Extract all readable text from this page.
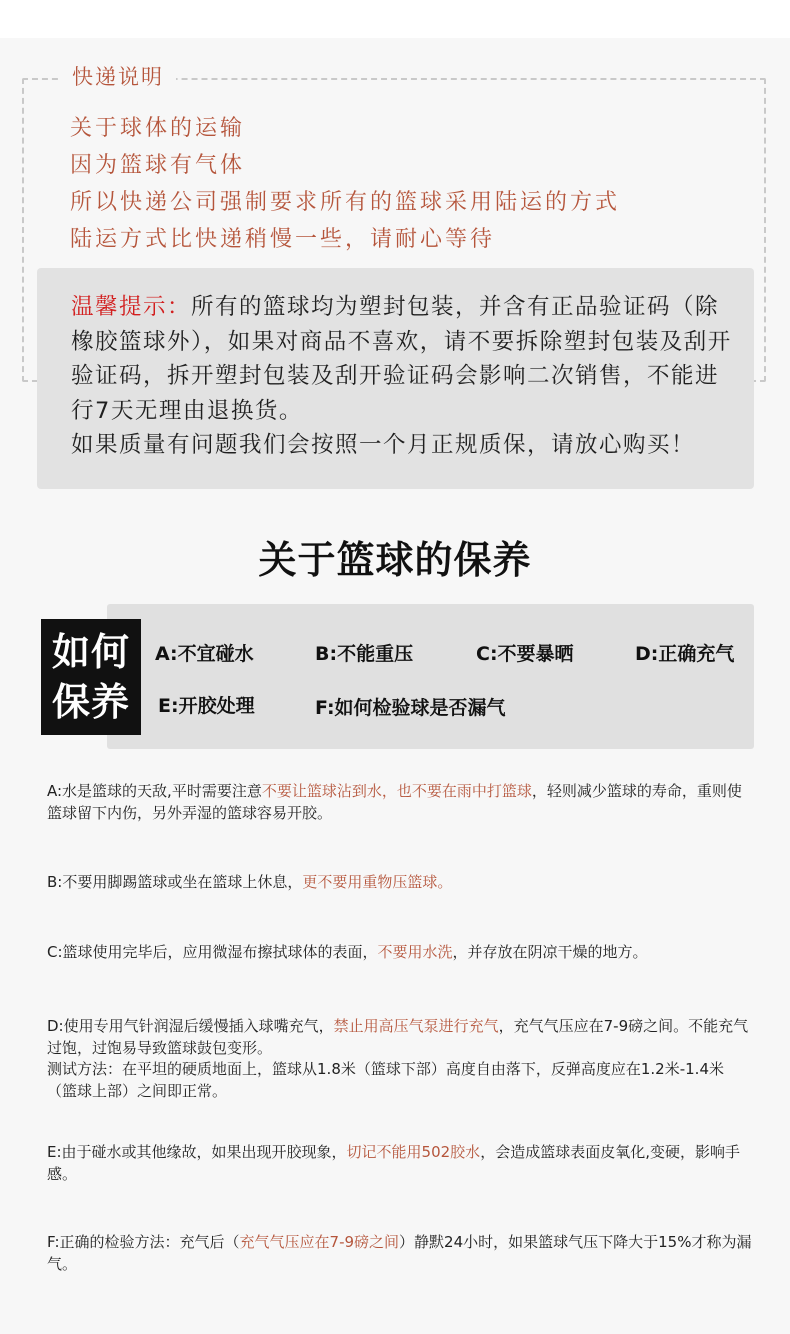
快递说明
关于球体的运输
因为篮球有气体
所以快递公司强制要求所有的篮球采用陆运的方式
陆运方式比快递稍慢一些，请耐心等待

温馨提示：所有的篮球均为塑封包装，并含有正品验证码（除橡胶篮球外），如果对商品不喜欢，请不要拆除塑封包装及刮开验证码，拆开塑封包装及刮开验证码会影响二次销售，不能进行7天无理由退换货。

如果质量有问题我们会按照一个月正规质保，请放心购买！

关于篮球的保养
如何
保养
A:不宜碰水	B:不能重压	C:不要暴晒	D:正确充气
E:开胶处理	F:如何检验球是否漏气

A:水是篮球的天敌,平时需要注意不要让篮球沾到水，也不要在雨中打篮球，轻则减少篮球的寿命，重则使篮球留下内伤，另外弄湿的篮球容易开胶。

B:不要用脚踢篮球或坐在篮球上休息，更不要用重物压篮球。

C:篮球使用完毕后，应用微湿布擦拭球体的表面，不要用水洗，并存放在阴凉干燥的地方。

D:使用专用气针润湿后缓慢插入球嘴充气，禁止用高压气泵进行充气，充气气压应在7-9磅之间。不能充气过饱，过饱易导致篮球鼓包变形。
测试方法：在平坦的硬质地面上，篮球从1.8米（篮球下部）高度自由落下，反弹高度应在1.2米-1.4米（篮球上部）之间即正常。

E:由于碰水或其他缘故，如果出现开胶现象，切记不能用502胶水，会造成篮球表面皮氧化,变硬，影响手感。

F:正确的检验方法：充气后（充气气压应在7-9磅之间）静默24小时，如果篮球气压下降大于15%才称为漏气。
